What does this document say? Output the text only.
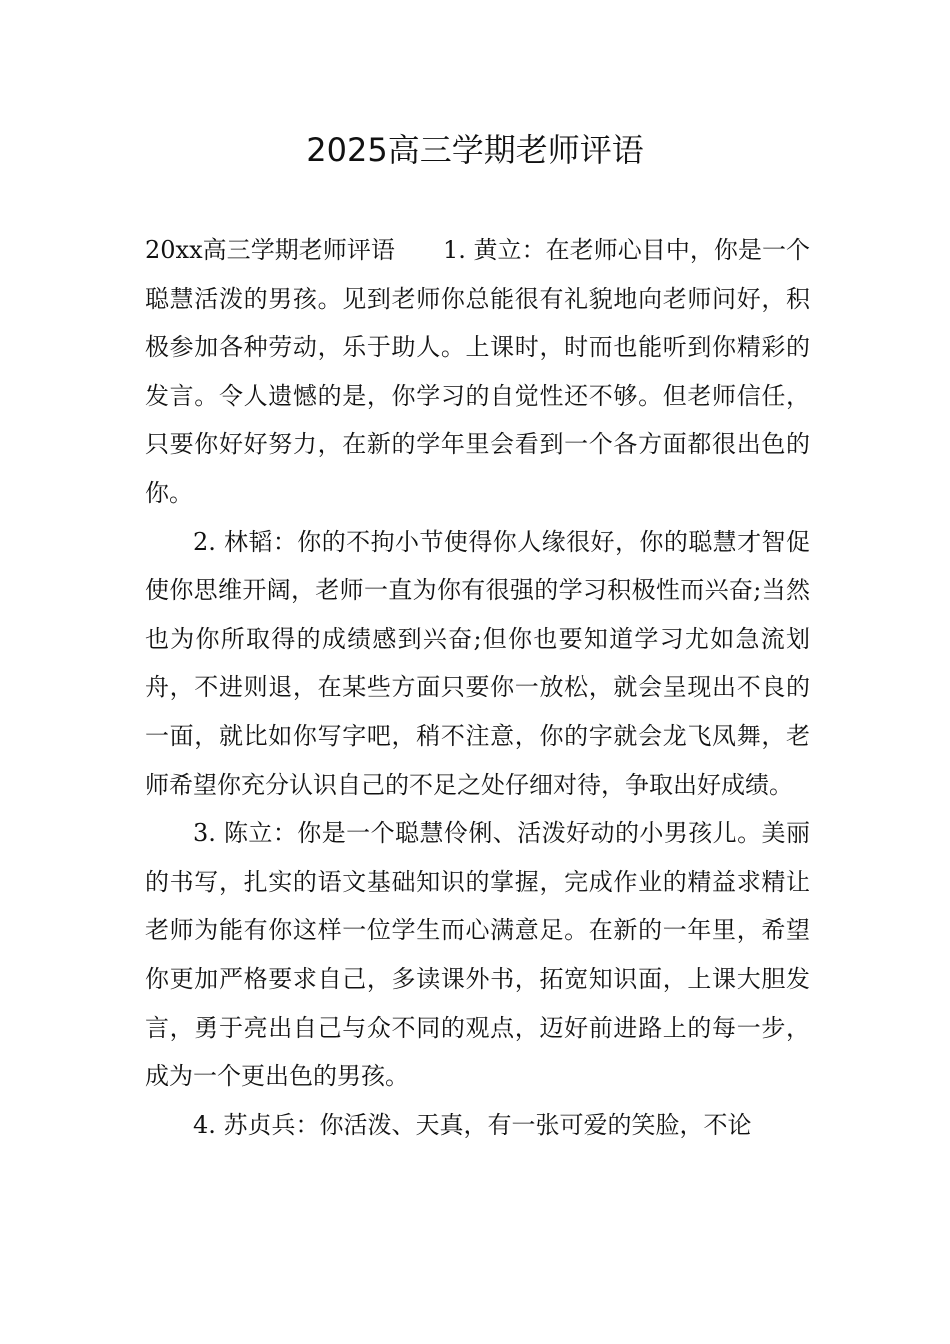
2025高三学期老师评语

20xx高三学期老师评语 1. 黄立：在老师心目中，你是一个聪慧活泼的男孩。见到老师你总能很有礼貌地向老师问好，积极参加各种劳动，乐于助人。上课时，时而也能听到你精彩的发言。令人遗憾的是，你学习的自觉性还不够。但老师信任，只要你好好努力，在新的学年里会看到一个各方面都很出色的你。

2. 林韬：你的不拘小节使得你人缘很好，你的聪慧才智促使你思维开阔，老师一直为你有很强的学习积极性而兴奋;当然也为你所取得的成绩感到兴奋;但你也要知道学习尤如急流划舟，不进则退，在某些方面只要你一放松，就会呈现出不良的一面，就比如你写字吧，稍不注意，你的字就会龙飞凤舞，老师希望你充分认识自己的不足之处仔细对待，争取出好成绩。

3. 陈立：你是一个聪慧伶俐、活泼好动的小男孩儿。美丽的书写，扎实的语文基础知识的掌握，完成作业的精益求精让老师为能有你这样一位学生而心满意足。在新的一年里，希望你更加严格要求自己，多读课外书，拓宽知识面，上课大胆发言，勇于亮出自己与众不同的观点，迈好前进路上的每一步，成为一个更出色的男孩。

4. 苏贞兵：你活泼、天真，有一张可爱的笑脸，不论
